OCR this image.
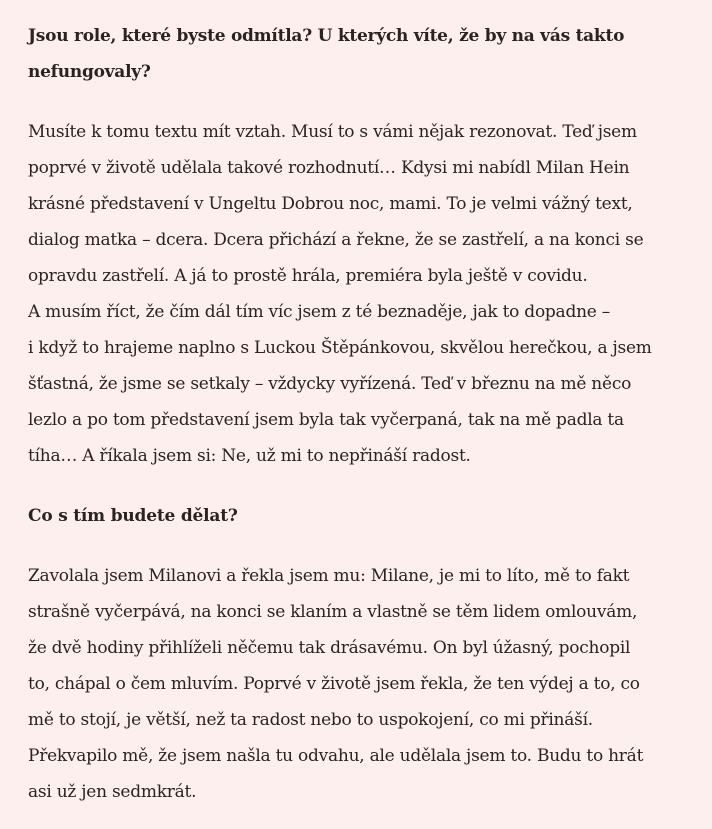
Jsou role, které byste odmítla? U kterých víte, že by na vás takto
nefungovaly?

Musíte k tomu textu mít vztah. Musí to s vámi nějak rezonovat. Teď jsem
poprvé v životě udělala takové rozhodnutí… Kdysi mi nabídl Milan Hein
krásné představení v Ungeltu Dobrou noc, mami. To je velmi vážný text,
dialog matka – dcera. Dcera přichází a řekne, že se zastřelí, a na konci se
opravdu zastřelí. A já to prostě hrála, premiéra byla ještě v covidu.
A musím říct, že čím dál tím víc jsem z té beznaděje, jak to dopadne –
i když to hrajeme naplno s Luckou Štěpánkovou, skvělou herečkou, a jsem
šťastná, že jsme se setkaly – vždycky vyřízená. Teď v březnu na mě něco
lezlo a po tom představení jsem byla tak vyčerpaná, tak na mě padla ta
tíha… A říkala jsem si: Ne, už mi to nepřináší radost.

Co s tím budete dělat?

Zavolala jsem Milanovi a řekla jsem mu: Milane, je mi to líto, mě to fakt
strašně vyčerpává, na konci se klaním a vlastně se těm lidem omlouvám,
že dvě hodiny přihlíželi něčemu tak drásavému. On byl úžasný, pochopil
to, chápal o čem mluvím. Poprvé v životě jsem řekla, že ten výdej a to, co
mě to stojí, je větší, než ta radost nebo to uspokojení, co mi přináší.
Překvapilo mě, že jsem našla tu odvahu, ale udělala jsem to. Budu to hrát
asi už jen sedmkrát.
